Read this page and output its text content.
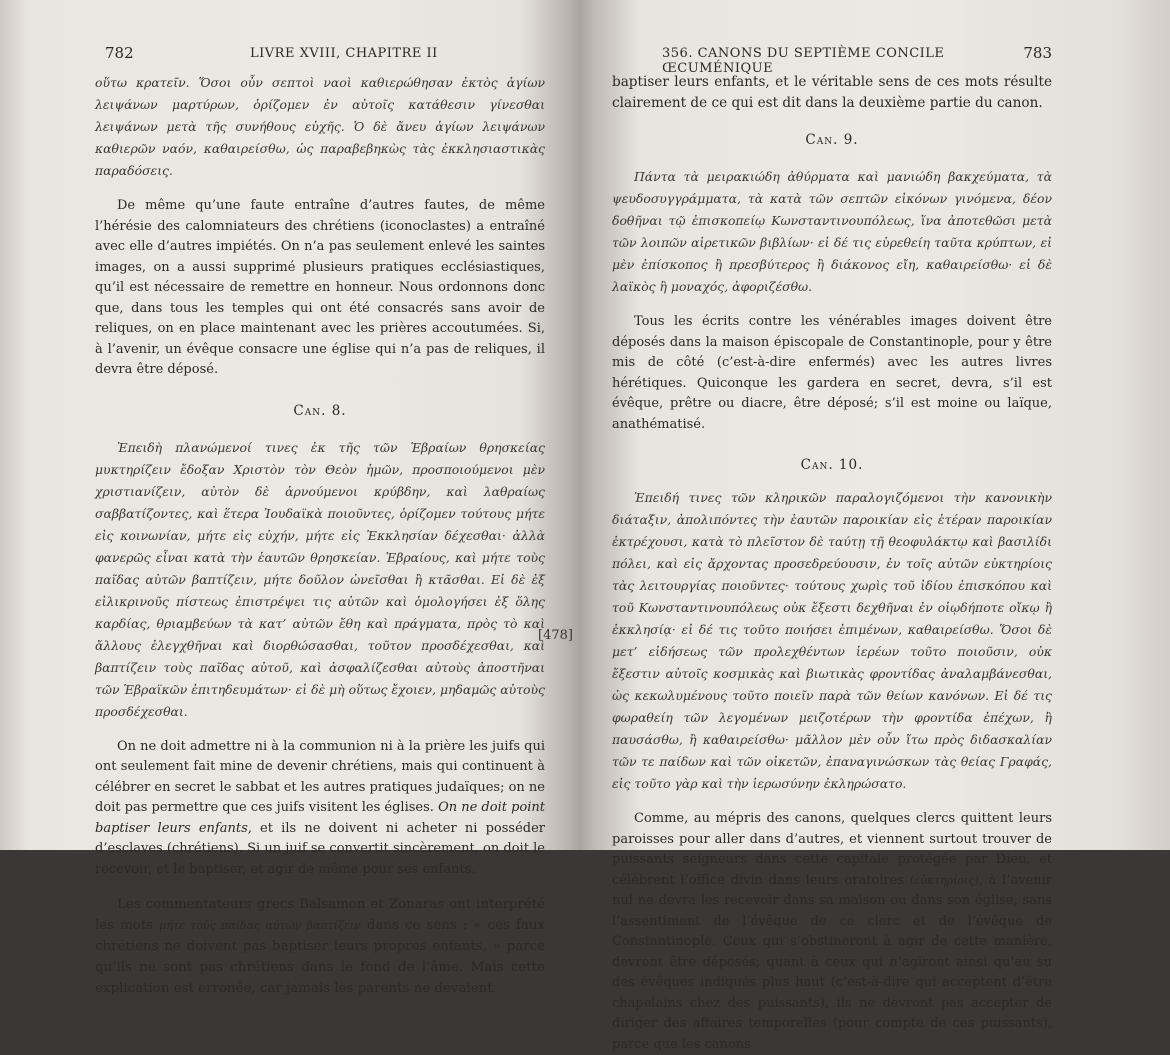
782	LIVRE XVIII, CHAPITRE II

οὕτω κρατεῖν. Ὅσοι οὖν σεπτοὶ ναοὶ καθιερώθησαν ἐκτὸς ἁγίων λειψάνων μαρτύρων, ὁρίζομεν ἐν αὐτοῖς κατάθεσιν γίνεσθαι λειψάνων μετὰ τῆς συνήθους εὐχῆς. Ὁ δὲ ἄνευ ἁγίων λειψάνων καθιερῶν ναόν, καθαιρείσθω, ὡς παραβεβηκὼς τὰς ἐκκλησιαστικὰς παραδόσεις.

De même qu’une faute entraîne d’autres fautes, de même l’hérésie des calomniateurs des chrétiens (iconoclastes) a entraîné avec elle d’autres impiétés. On n’a pas seulement enlevé les saintes images, on a aussi supprimé plusieurs pratiques ecclésiastiques, qu’il est nécessaire de remettre en honneur. Nous ordonnons donc que, dans tous les temples qui ont été consacrés sans avoir de reliques, on en place maintenant avec les prières accoutumées. Si, à l’avenir, un évêque consacre une église qui n’a pas de reliques, il devra être déposé.

Can. 8.

Ἐπειδὴ πλανώμενοί τινες ἐκ τῆς τῶν Ἑβραίων θρησκείας μυκτηρίζειν ἔδοξαν Χριστὸν τὸν Θεὸν ἡμῶν, προσποιούμενοι μὲν χριστιανίζειν, αὐτὸν δὲ ἀρνούμενοι κρύβδην, καὶ λαθραίως σαββατίζοντες, καὶ ἕτερα Ἰουδαϊκὰ ποιοῦντες, ὁρίζομεν τούτους μήτε εἰς κοινωνίαν, μήτε εἰς εὐχήν, μήτε εἰς Ἐκκλησίαν δέχεσθαι· ἀλλὰ φανερῶς εἶναι κατὰ τὴν ἑαυτῶν θρησκείαν. Ἑβραίους, καὶ μήτε τοὺς παῖδας αὐτῶν βαπτίζειν, μήτε δοῦλον ὠνεῖσθαι ἢ κτᾶσθαι. Εἰ δὲ ἐξ εἰλικρινοῦς πίστεως ἐπιστρέψει τις αὐτῶν καὶ ὁμολογήσει ἐξ ὅλης καρδίας, θριαμβεύων τὰ κατ’ αὐτῶν ἔθη καὶ πράγματα, πρὸς τὸ καὶ ἄλλους ἐλεγχθῆναι καὶ διορθώσασθαι, τοῦτον προσδέχεσθαι, καὶ βαπτίζειν τοὺς παῖδας αὐτοῦ, καὶ ἀσφαλίζεσθαι αὐτοὺς ἀποστῆναι τῶν Ἑβραϊκῶν ἐπιτηδευμάτων· εἰ δὲ μὴ οὕτως ἔχοιεν, μηδαμῶς αὐτοὺς προσδέχεσθαι.

On ne doit admettre ni à la communion ni à la prière les juifs qui ont seulement fait mine de devenir chrétiens, mais qui continuent à célébrer en secret le sabbat et les autres pratiques judaïques; on ne doit pas permettre que ces juifs visitent les églises. On ne doit point baptiser leurs enfants, et ils ne doivent ni acheter ni posséder d’esclaves (chrétiens). Si un juif se convertit sincèrement, on doit le recevoir, et le baptiser, et agir de même pour ses enfants.

Les commentateurs grecs Balsamon et Zonaras ont interprété les mots μήτε τοὺς παῖδας αὐτῶν βαπτίζειν dans ce sens : « ces faux chrétiens ne doivent pas baptiser leurs propres enfants, » parce qu’ils ne sont pas chrétiens dans le fond de l’âme. Mais cette explication est erronée, car jamais les parents ne devaient

[478]
356. CANONS DU SEPTIÈME CONCILE ŒCUMÉNIQUE
783

baptiser leurs enfants, et le véritable sens de ces mots résulte clairement de ce qui est dit dans la deuxième partie du canon.

Can. 9.

Πάντα τὰ μειρακιώδη ἀθύρματα καὶ μανιώδη βακχεύματα, τὰ ψευδοσυγγράμματα, τὰ κατὰ τῶν σεπτῶν εἰκόνων γινόμενα, δέον δοθῆναι τῷ ἐπισκοπείῳ Κωνσταντινουπόλεως, ἵνα ἀποτεθῶσι μετὰ τῶν λοιπῶν αἱρετικῶν βιβλίων· εἰ δέ τις εὑρεθείη ταῦτα κρύπτων, εἰ μὲν ἐπίσκοπος ἢ πρεσβύτερος ἢ διάκονος εἴη, καθαιρείσθω· εἰ δὲ λαϊκὸς ἢ μοναχός, ἀφοριζέσθω.

Tous les écrits contre les vénérables images doivent être déposés dans la maison épiscopale de Constantinople, pour y être mis de côté (c’est-à-dire enfermés) avec les autres livres hérétiques. Quiconque les gardera en secret, devra, s’il est évêque, prêtre ou diacre, être déposé; s’il est moine ou laïque, anathématisé.

Can. 10.

Ἐπειδή τινες τῶν κληρικῶν παραλογιζόμενοι τὴν κανονικὴν διάταξιν, ἀπολιπόντες τὴν ἑαυτῶν παροικίαν εἰς ἑτέραν παροικίαν ἐκτρέχουσι, κατὰ τὸ πλεῖστον δὲ ταύτῃ τῇ θεοφυλάκτῳ καὶ βασιλίδι πόλει, καὶ εἰς ἄρχοντας προσεδρεύουσιν, ἐν τοῖς αὐτῶν εὐκτηρίοις τὰς λειτουργίας ποιοῦντες· τούτους χωρὶς τοῦ ἰδίου ἐπισκόπου καὶ τοῦ Κωνσταντινουπόλεως οὐκ ἔξεστι δεχθῆναι ἐν οἱῳδήποτε οἴκῳ ἢ ἐκκλησίᾳ· εἰ δέ τις τοῦτο ποιήσει ἐπιμένων, καθαιρείσθω. Ὅσοι δὲ μετ’ εἰδήσεως τῶν προλεχθέντων ἱερέων τοῦτο ποιοῦσιν, οὐκ ἔξεστιν αὐτοῖς κοσμικὰς καὶ βιωτικὰς φροντίδας ἀναλαμβάνεσθαι, ὡς κεκωλυμένους τοῦτο ποιεῖν παρὰ τῶν θείων κανόνων. Εἰ δέ τις φωραθείη τῶν λεγομένων μειζοτέρων τὴν φροντίδα ἐπέχων, ἢ παυσάσθω, ἢ καθαιρείσθω· μᾶλλον μὲν οὖν ἴτω πρὸς διδασκαλίαν τῶν τε παίδων καὶ τῶν οἰκετῶν, ἐπαναγινώσκων τὰς θείας Γραφάς, εἰς τοῦτο γὰρ καὶ τὴν ἱερωσύνην ἐκληρώσατο.

Comme, au mépris des canons, quelques clercs quittent leurs paroisses pour aller dans d’autres, et viennent surtout trouver de puissants seigneurs dans cette capitale protégée par Dieu, et célèbrent l’office divin dans leurs oratoires (εὐκτηρίοις), à l’avenir nul ne devra les recevoir dans sa maison ou dans son église, sans l’assentiment de l’évêque de ce clerc et de l’évêque de Constantinople. Ceux qui s’obstineront à agir de cette manière, devront être déposés; quant à ceux qui n’agiront ainsi qu’au su des évêques indiqués plus haut (c’est-à-dire qui acceptent d’être chapelains chez des puissants), ils ne devront pas accepter de diriger des affaires temporelles (pour compte de ces puissants), parce que les canons
